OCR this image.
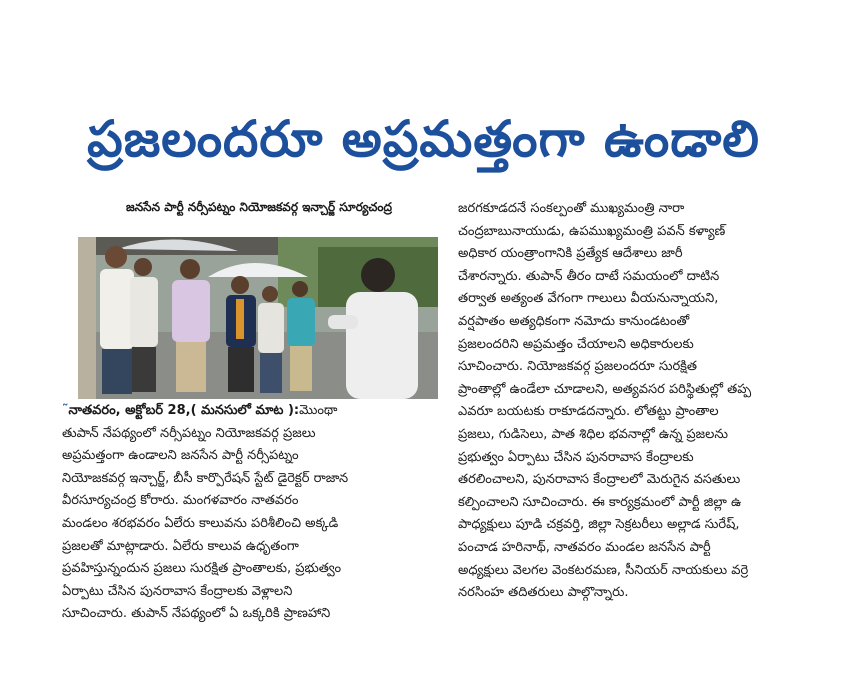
ప్రజలందరూ అప్రమత్తంగా ఉండాలి
జనసేన పార్టీ నర్సీపట్నం నియోజకవర్గ ఇన్చార్జ్ సూర్యచంద్ర
˜నాతవరం, అక్టోబర్ 28,( మనసులో మాట ):మొంథా
తుపాన్ నేపథ్యంలో నర్సీపట్నం నియోజకవర్గ ప్రజలు
అప్రమత్తంగా ఉండాలని జనసేన పార్టీ నర్సీపట్నం
నియోజకవర్గ ఇన్చార్జ్, బీసీ కార్పొరేషన్ స్టేట్ డైరెక్టర్ రాజాన
వీరసూర్యచంద్ర కోరారు. మంగళవారం నాతవరం
మండలం శరభవరం ఏలేరు కాలువను పరిశీలించి అక్కడి
ప్రజలతో మాట్లాడారు. ఏలేరు కాలువ ఉధృతంగా
ప్రవహిస్తున్నందున ప్రజలు సురక్షిత ప్రాంతాలకు, ప్రభుత్వం
ఏర్పాటు చేసిన పునరావాస కేంద్రాలకు వెళ్లాలని
సూచించారు. తుపాన్ నేపథ్యంలో ఏ ఒక్కరికి ప్రాణహాని
జరగకూడదనే సంకల్పంతో ముఖ్యమంత్రి నారా
చంద్రబాబునాయుడు, ఉపముఖ్యమంత్రి పవన్ కళ్యాణ్
అధికార యంత్రాంగానికి ప్రత్యేక ఆదేశాలు జారీ
చేశారన్నారు. తుపాన్ తీరం దాటే సమయంలో దాటిన
తర్వాత అత్యంత వేగంగా గాలులు వీయనున్నాయని,
వర్షపాతం అత్యధికంగా నమోదు కానుండటంతో
ప్రజలందరిని అప్రమత్తం చేయాలని అధికారులకు
సూచించారు. నియోజకవర్గ ప్రజలందరూ సురక్షిత
ప్రాంతాల్లో ఉండేలా చూడాలని, అత్యవసర పరిస్థితుల్లో తప్ప
ఎవరూ బయటకు రాకూడదన్నారు. లోతట్టు ప్రాంతాల
ప్రజలు, గుడిసెలు, పాత శిధిల భవనాల్లో ఉన్న ప్రజలను
ప్రభుత్వం ఏర్పాటు చేసిన పునరావాస కేంద్రాలకు
తరలించాలని, పునరావాస కేంద్రాలలో మెరుగైన వసతులు
కల్పించాలని సూచించారు. ఈ కార్యక్రమంలో పార్టీ జిల్లా ఉ
పాధ్యక్షులు పూడి చక్రవర్తి, జిల్లా సెక్రటరీలు అల్లాడ సురేష్,
పంచాడ హరినాథ్, నాతవరం మండల జనసేన పార్టీ
అధ్యక్షులు వెలగల వెంకటరమణ, సీనియర్ నాయకులు వర్రె
నరసింహ తదితరులు పాల్గొన్నారు.
